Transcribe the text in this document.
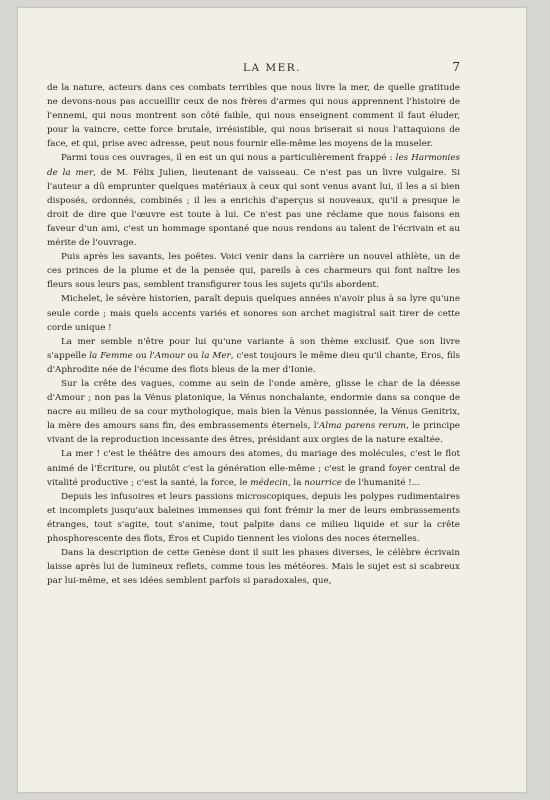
LA MER.	7

de la nature, acteurs dans ces combats terribles que nous livre la mer, de quelle gratitude ne devons-nous pas accueillir ceux de nos frères d'armes qui nous apprennent l'histoire de l'ennemi, qui nous montrent son côté faible, qui nous enseignent comment il faut éluder, pour la vaincre, cette force brutale, irrésistible, qui nous briserait si nous l'attaquions de face, et qui, prise avec adresse, peut nous fournir elle-même les moyens de la museler.

Parmi tous ces ouvrages, il en est un qui nous a particulièrement frappé : les Harmonies de la mer, de M. Félix Julien, lieutenant de vaisseau. Ce n'est pas un livre vulgaire. Si l'auteur a dû emprunter quelques matériaux à ceux qui sont venus avant lui, il les a si bien disposés, ordonnés, combinés ; il les a enrichis d'aperçus si nouveaux, qu'il a presque le droit de dire que l'œuvre est toute à lui. Ce n'est pas une réclame que nous faisons en faveur d'un ami, c'est un hommage spontané que nous rendons au talent de l'écrivain et au mérite de l'ouvrage.

Puis après les savants, les poëtes. Voici venir dans la carrière un nouvel athlète, un de ces princes de la plume et de la pensée qui, pareils à ces charmeurs qui font naître les fleurs sous leurs pas, semblent transfigurer tous les sujets qu'ils abordent.

Michelet, le sévère historien, paraît depuis quelques années n'avoir plus à sa lyre qu'une seule corde ; mais quels accents variés et sonores son archet magistral sait tirer de cette corde unique !

La mer semble n'être pour lui qu'une variante à son thème exclusif. Que son livre s'appelle la Femme ou l'Amour ou la Mer, c'est toujours le même dieu qu'il chante, Éros, fils d'Aphrodite née de l'écume des flots bleus de la mer d'Ionie.

Sur la crête des vagues, comme au sein de l'onde amère, glisse le char de la déesse d'Amour ; non pas la Vénus platonique, la Vénus nonchalante, endormie dans sa conque de nacre au milieu de sa cour mythologique, mais bien la Vénus passionnée, la Vénus Genitrix, la mère des amours sans fin, des embrassements éternels, l'Alma parens rerum, le principe vivant de la reproduction incessante des êtres, présidant aux orgies de la nature exaltée.

La mer ! c'est le théâtre des amours des atomes, du mariage des molécules, c'est le flot animé de l'Écriture, ou plutôt c'est la génération elle-même ; c'est le grand foyer central de vitalité productive ; c'est la santé, la force, le médecin, la nourrice de l'humanité !...

Depuis les infusoires et leurs passions microscopiques, depuis les polypes rudimentaires et incomplets jusqu'aux baleines immenses qui font frémir la mer de leurs embrassements étranges, tout s'agite, tout s'anime, tout palpite dans ce milieu liquide et sur la crête phosphorescente des flots, Éros et Cupido tiennent les violons des noces éternelles.

Dans la description de cette Genèse dont il suit les phases diverses, le célèbre écrivain laisse après lui de lumineux reflets, comme tous les météores. Mais le sujet est si scabreux par lui-même, et ses idées semblent parfois si paradoxales, que,
